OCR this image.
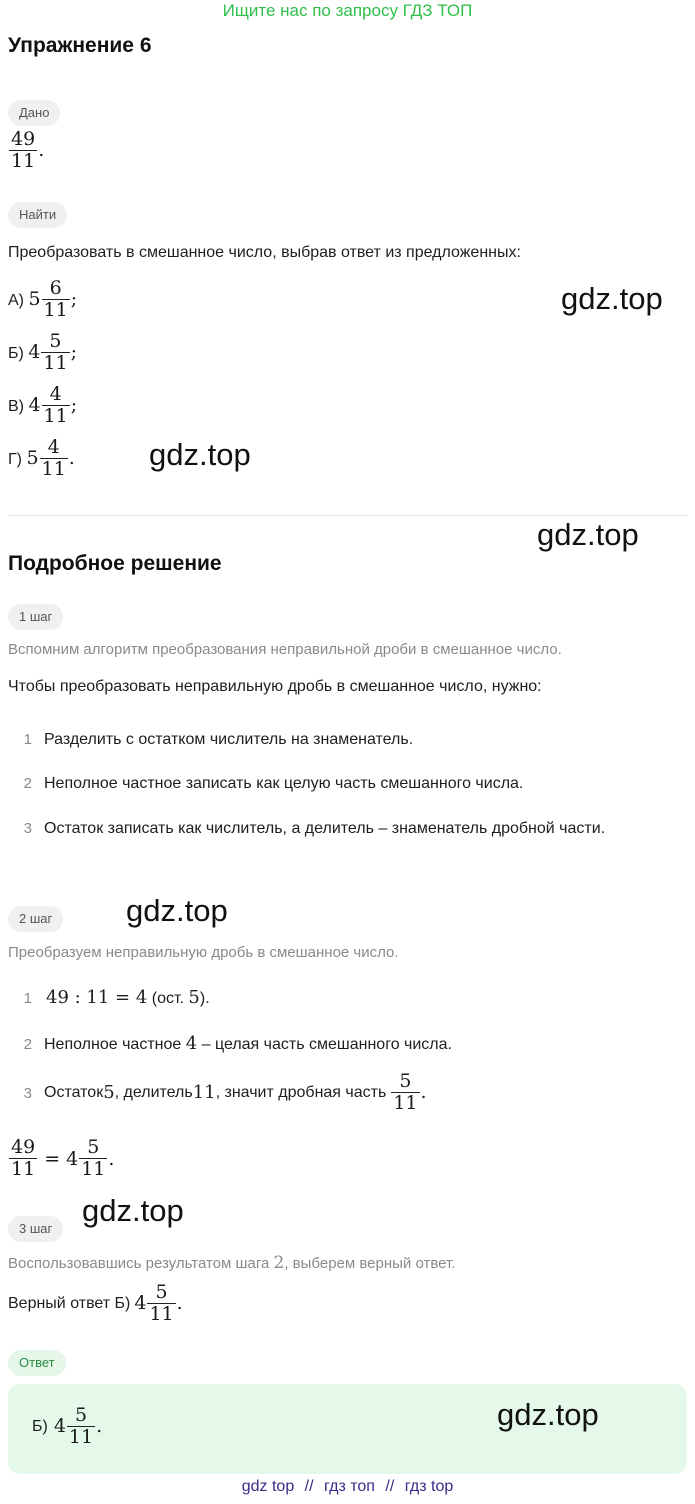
Ищите нас по запросу ГДЗ ТОП
Упражнение 6
Дано
$\frac{49}{11}$ .
Найти
Преобразовать в смешанное число, выбрав ответ из предложенных:
А) $5 \frac{6}{11}$ ;
Б) $4 \frac{5}{11}$ ;
В) $4 \frac{4}{11}$ ;
Г) $5 \frac{4}{11}$ .
Подробное решение
1 шаг
Вспомним алгоритм преобразования неправильной дроби в смешанное число.
Чтобы преобразовать неправильную дробь в смешанное число, нужно:
1 Разделить с остатком числитель на знаменатель.
2 Неполное частное записать как целую часть смешанного числа.
3 Остаток записать как числитель, а делитель – знаменатель дробной части.
2 шаг
Преобразуем неправильную дробь в смешанное число.
1 49 : 11 = 4 (ост. 5).
2 Неполное частное 4 – целая часть смешанного числа.
3 Остаток 5 , делитель 11 , значит дробная часть $\frac{5}{11}$ .
$\frac{49}{11} = 4 \frac{5}{11}$ .
3 шаг
Воспользовавшись результатом шага 2, выберем верный ответ.
Верный ответ Б) $4 \frac{5}{11}$ .
Ответ
Б) $4 \frac{5}{11}$ .
gdz.top
gdz.top
gdz.top
gdz.top
gdz.top
gdz.top
gdz top // гдз топ // гдз top
